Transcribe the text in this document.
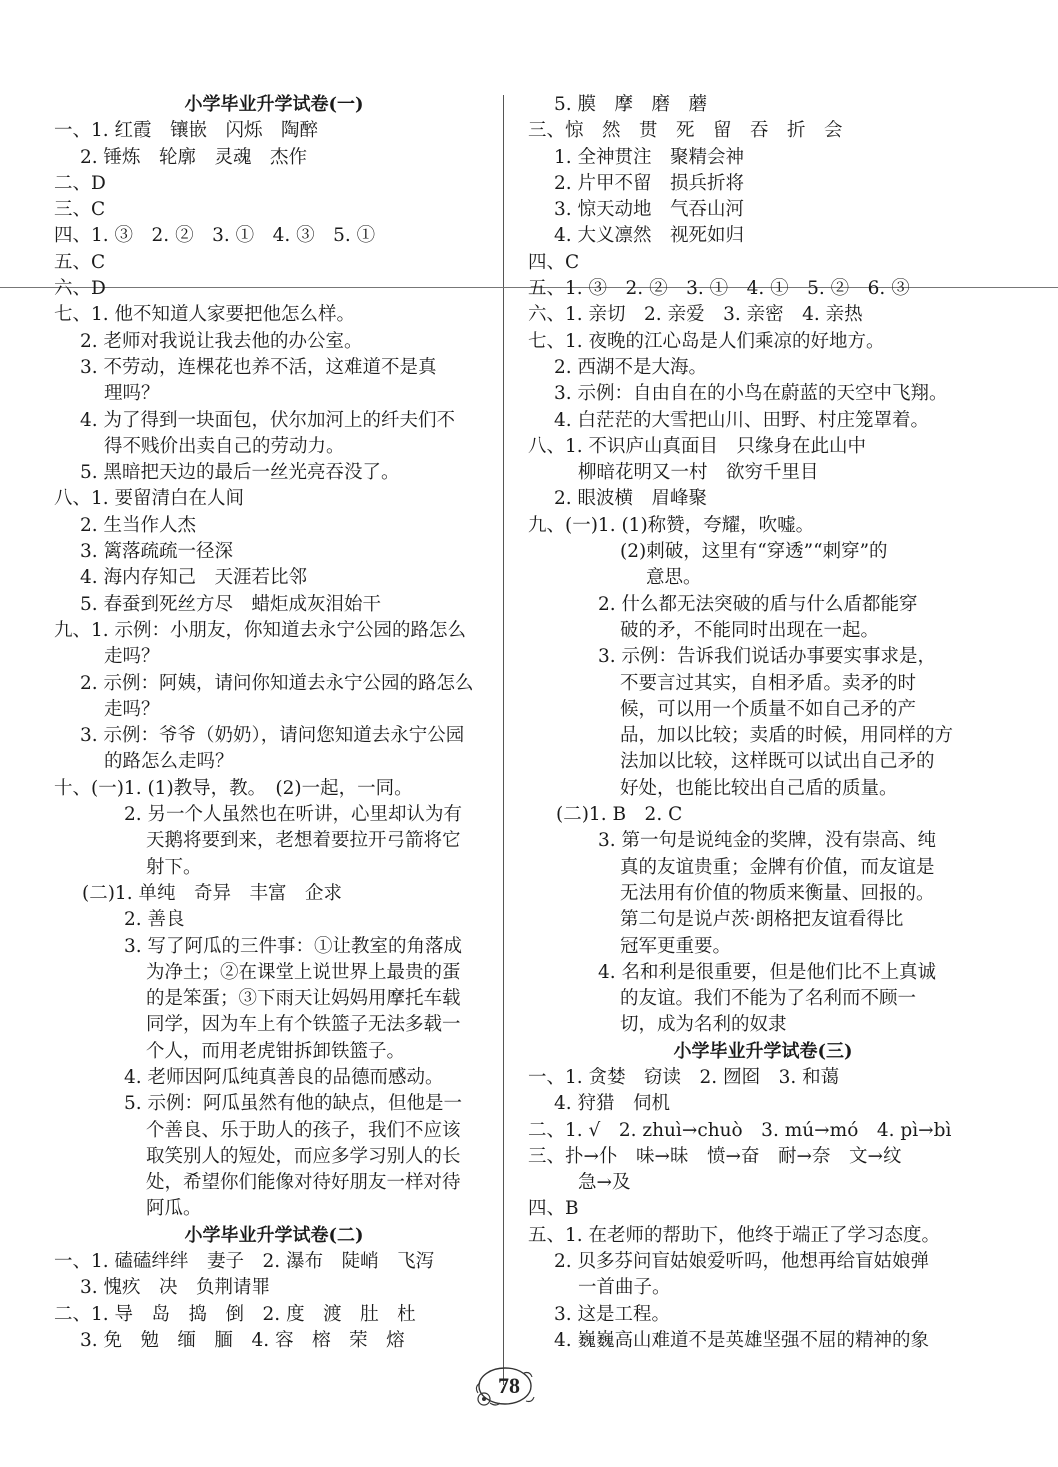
小学毕业升学试卷(一)
一、1. 红霞　镶嵌　闪烁　陶醉
2. 锤炼　轮廓　灵魂　杰作
二、D
三、C
四、1. ③　2. ②　3. ①　4. ③　5. ①
五、C
六、D
七、1. 他不知道人家要把他怎么样。
2. 老师对我说让我去他的办公室。
3. 不劳动，连棵花也养不活，这难道不是真
理吗？
4. 为了得到一块面包，伏尔加河上的纤夫们不
得不贱价出卖自己的劳动力。
5. 黑暗把天边的最后一丝光亮吞没了。
八、1. 要留清白在人间
2. 生当作人杰
3. 篱落疏疏一径深
4. 海内存知己　天涯若比邻
5. 春蚕到死丝方尽　蜡炬成灰泪始干
九、1. 示例：小朋友，你知道去永宁公园的路怎么
走吗？
2. 示例：阿姨，请问你知道去永宁公园的路怎么
走吗？
3. 示例：爷爷（奶奶），请问您知道去永宁公园
的路怎么走吗？
十、(一)1. (1)教导，教。　(2)一起，一同。
2. 另一个人虽然也在听讲，心里却认为有
天鹅将要到来，老想着要拉开弓箭将它
射下。
(二)1. 单纯　奇异　丰富　企求
2. 善良
3. 写了阿瓜的三件事：①让教室的角落成
为净土；②在课堂上说世界上最贵的蛋
的是笨蛋；③下雨天让妈妈用摩托车载
同学，因为车上有个铁篮子无法多载一
个人，而用老虎钳拆卸铁篮子。
4. 老师因阿瓜纯真善良的品德而感动。
5. 示例：阿瓜虽然有他的缺点，但他是一
个善良、乐于助人的孩子，我们不应该
取笑别人的短处，而应多学习别人的长
处，希望你们能像对待好朋友一样对待
阿瓜。
小学毕业升学试卷(二)
一、1. 磕磕绊绊　妻子　2. 瀑布　陡峭　飞泻
3. 愧疚　决　负荆请罪
二、1. 导　岛　捣　倒　2. 度　渡　肚　杜
3. 免　勉　缅　腼　4. 容　榕　荣　熔
5. 膜　摩　磨　蘑
三、惊　然　贯　死　留　吞　折　会
1. 全神贯注　聚精会神
2. 片甲不留　损兵折将
3. 惊天动地　气吞山河
4. 大义凛然　视死如归
四、C
五、1. ③　2. ②　3. ①　4. ①　5. ②　6. ③
六、1. 亲切　2. 亲爱　3. 亲密　4. 亲热
七、1. 夜晚的江心岛是人们乘凉的好地方。
2. 西湖不是大海。
3. 示例：自由自在的小鸟在蔚蓝的天空中飞翔。
4. 白茫茫的大雪把山川、田野、村庄笼罩着。
八、1. 不识庐山真面目　只缘身在此山中
柳暗花明又一村　欲穷千里目
2. 眼波横　眉峰聚
九、(一)1. (1)称赞，夸耀，吹嘘。
(2)刺破，这里有“穿透”“刺穿”的
意思。
2. 什么都无法突破的盾与什么盾都能穿
破的矛，不能同时出现在一起。
3. 示例：告诉我们说话办事要实事求是，
不要言过其实，自相矛盾。卖矛的时
候，可以用一个质量不如自己矛的产
品，加以比较；卖盾的时候，用同样的方
法加以比较，这样既可以试出自己矛的
好处，也能比较出自己盾的质量。
(二)1. B　2. C
3. 第一句是说纯金的奖牌，没有崇高、纯
真的友谊贵重；金牌有价值，而友谊是
无法用有价值的物质来衡量、回报的。
第二句是说卢茨·朗格把友谊看得比
冠军更重要。
4. 名和利是很重要，但是他们比不上真诚
的友谊。我们不能为了名利而不顾一
切，成为名利的奴隶
小学毕业升学试卷(三)
一、1. 贪婪　窃读　2. 囫囵　3. 和蔼
4. 狩猎　伺机
二、1. √　2. zhuì→chuò　3. mú→mó　4. pì→bì
三、扑→仆　味→昧　愤→奋　耐→奈　文→纹
急→及
四、B
五、1. 在老师的帮助下，他终于端正了学习态度。
2. 贝多芬问盲姑娘爱听吗，他想再给盲姑娘弹
一首曲子。
3. 这是工程。
4. 巍巍高山难道不是英雄坚强不屈的精神的象
78
